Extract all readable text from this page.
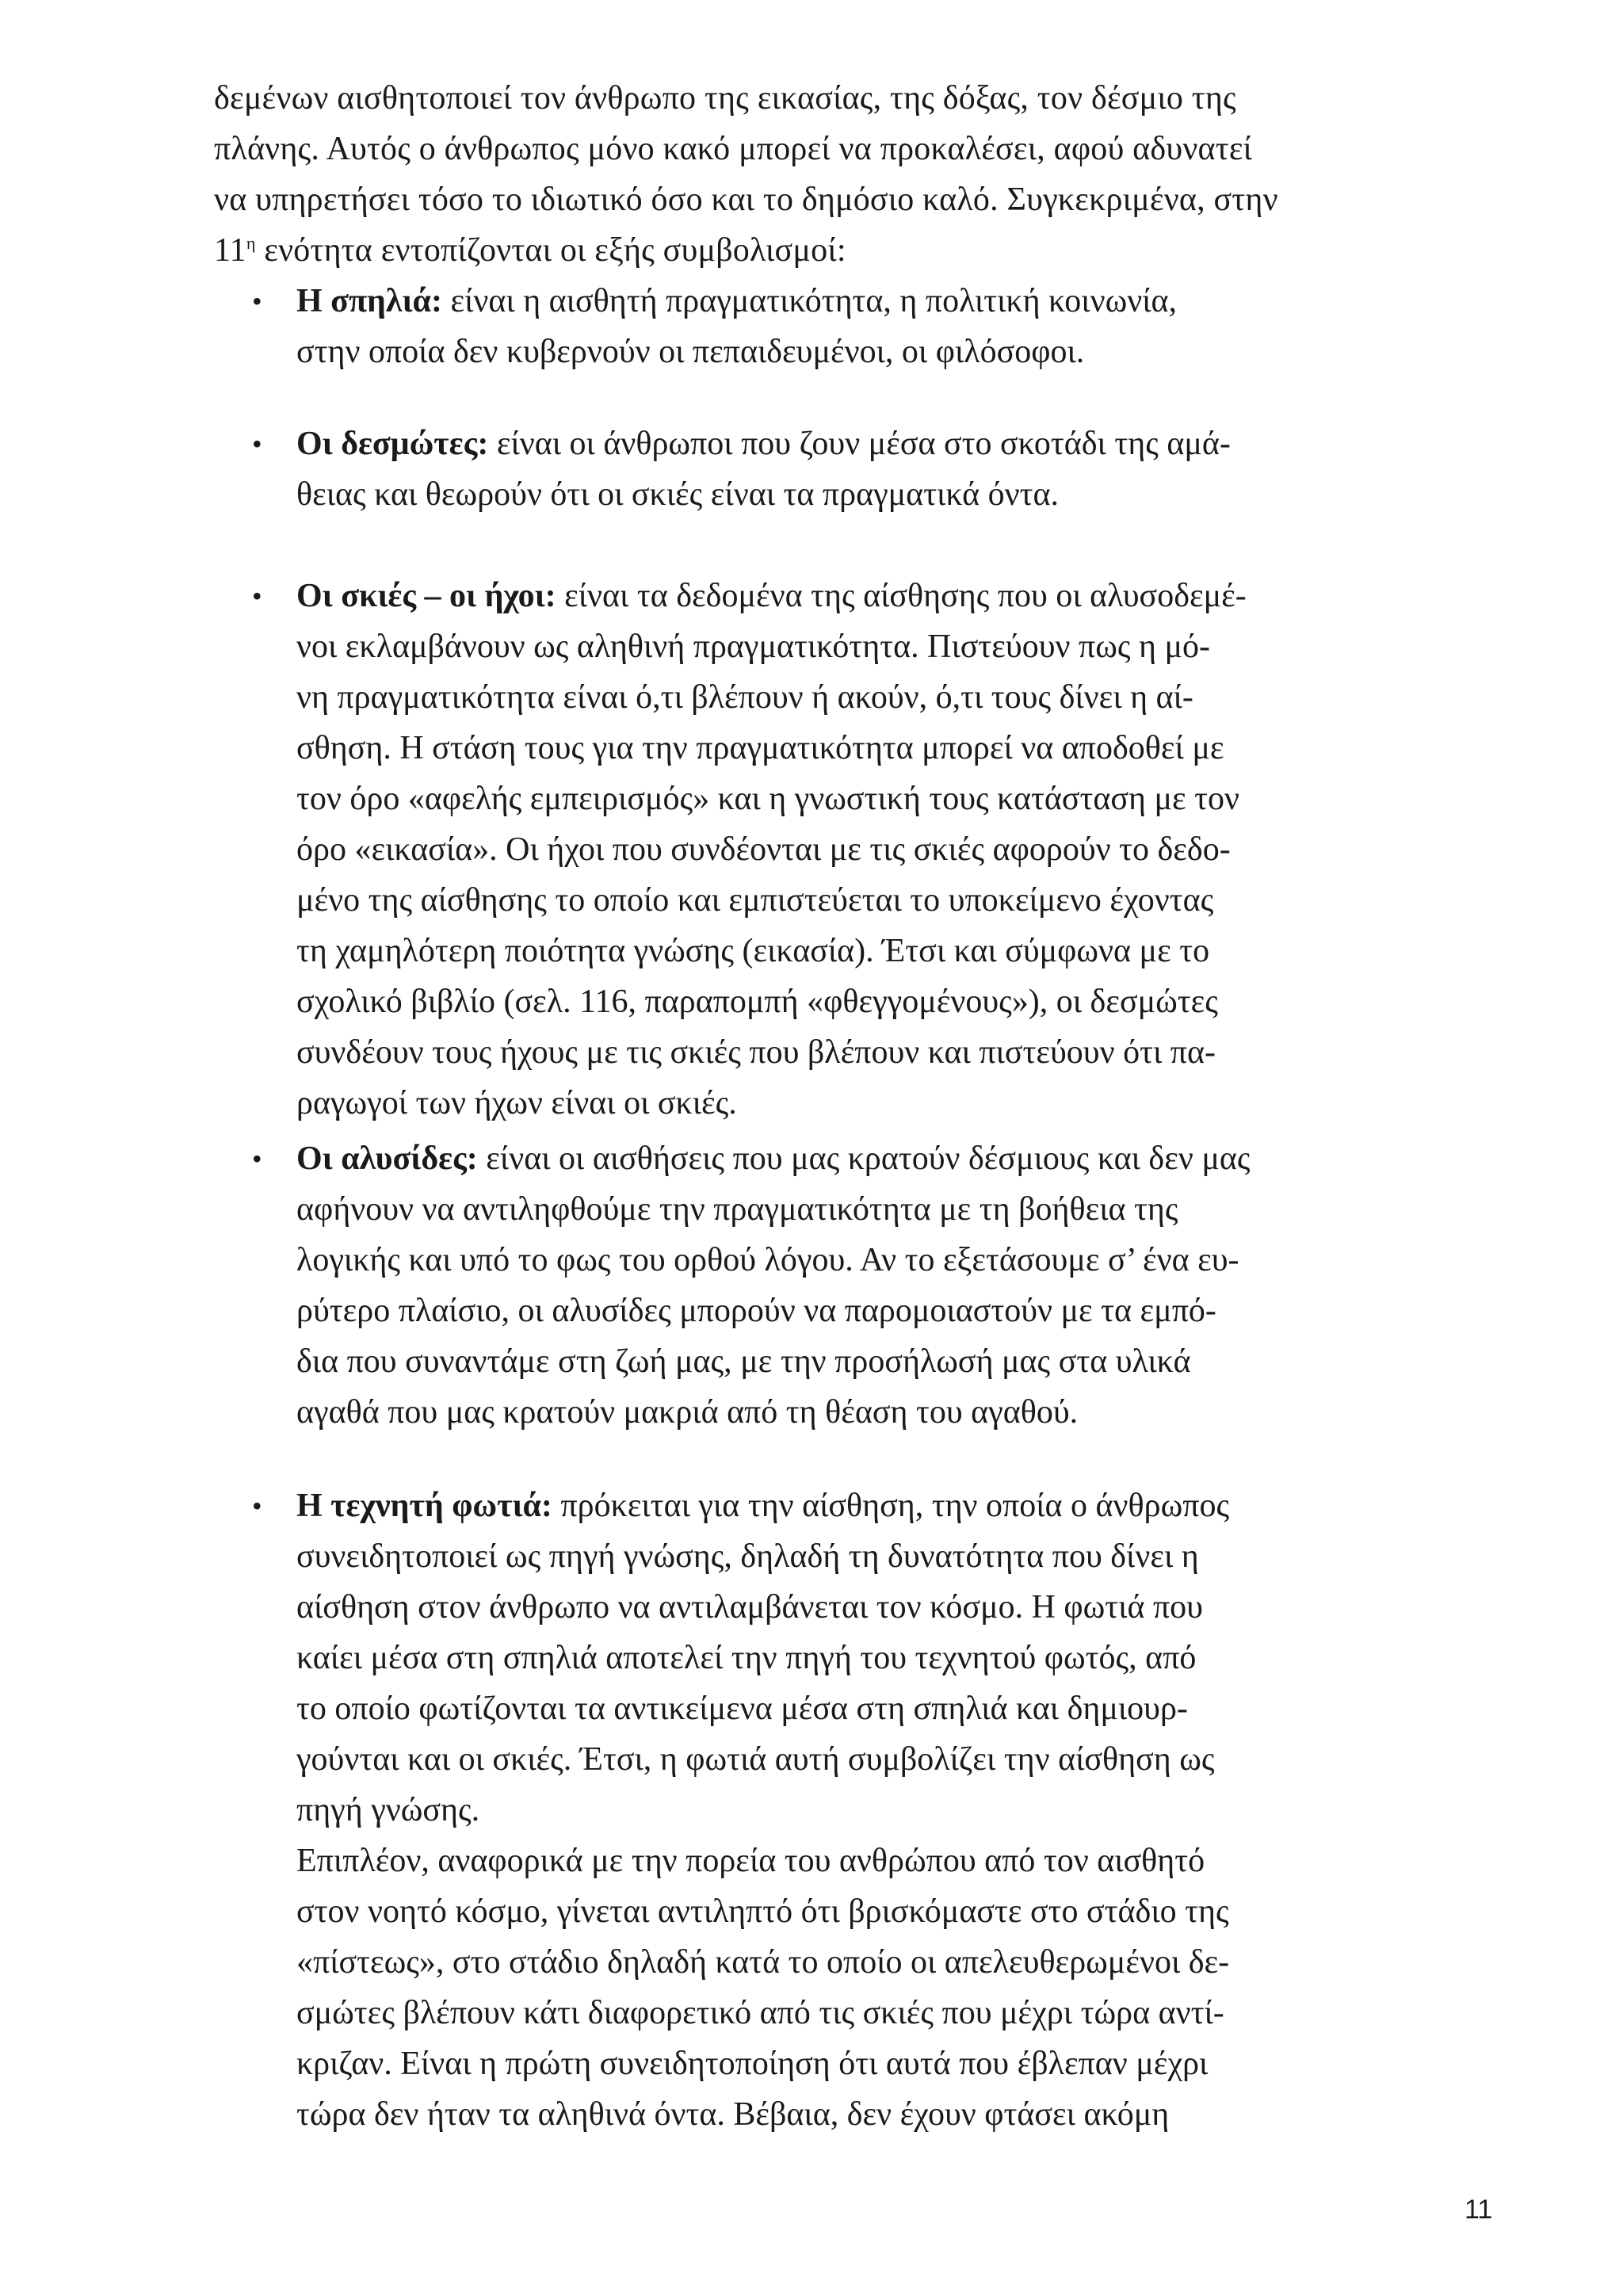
δεμένων αισθητοποιεί τον άνθρωπο της εικασίας, της δόξας, τον δέσμιο της
πλάνης. Αυτός ο άνθρωπος μόνο κακό μπορεί να προκαλέσει, αφού αδυνατεί
να υπηρετήσει τόσο το ιδιωτικό όσο και το δημόσιο καλό. Συγκεκριμένα, στην
$11^\eta$ ενότητα εντοπίζονται οι εξής συμβολισμοί:
• Η σπηλιά: είναι η αισθητή πραγματικότητα, η πολιτική κοινωνία,
στην οποία δεν κυβερνούν οι πεπαιδευμένοι, οι φιλόσοφοι.
• Οι δεσμώτες: είναι οι άνθρωποι που ζουν μέσα στο σκοτάδι της αμά-
θειας και θεωρούν ότι οι σκιές είναι τα πραγματικά όντα.
• Οι σκιές – οι ήχοι: είναι τα δεδομένα της αίσθησης που οι αλυσοδεμέ-
νοι εκλαμβάνουν ως αληθινή πραγματικότητα. Πιστεύουν πως η μό-
νη πραγματικότητα είναι ό,τι βλέπουν ή ακούν, ό,τι τους δίνει η αί-
σθηση. Η στάση τους για την πραγματικότητα μπορεί να αποδοθεί με
τον όρο «αφελής εμπειρισμός» και η γνωστική τους κατάσταση με τον
όρο «εικασία». Οι ήχοι που συνδέονται με τις σκιές αφορούν το δεδο-
μένο της αίσθησης το οποίο και εμπιστεύεται το υποκείμενο έχοντας
τη χαμηλότερη ποιότητα γνώσης (εικασία). Έτσι και σύμφωνα με το
σχολικό βιβλίο (σελ. 116, παραπομπή «φθεγγομένους»), οι δεσμώτες
συνδέουν τους ήχους με τις σκιές που βλέπουν και πιστεύουν ότι πα-
ραγωγοί των ήχων είναι οι σκιές.
• Οι αλυσίδες: είναι οι αισθήσεις που μας κρατούν δέσμιους και δεν μας
αφήνουν να αντιληφθούμε την πραγματικότητα με τη βοήθεια της
λογικής και υπό το φως του ορθού λόγου. Αν το εξετάσουμε σ’ ένα ευ-
ρύτερο πλαίσιο, οι αλυσίδες μπορούν να παρομοιαστούν με τα εμπό-
δια που συναντάμε στη ζωή μας, με την προσήλωσή μας στα υλικά
αγαθά που μας κρατούν μακριά από τη θέαση του αγαθού.
• Η τεχνητή φωτιά: πρόκειται για την αίσθηση, την οποία ο άνθρωπος
συνειδητοποιεί ως πηγή γνώσης, δηλαδή τη δυνατότητα που δίνει η
αίσθηση στον άνθρωπο να αντιλαμβάνεται τον κόσμο. Η φωτιά που
καίει μέσα στη σπηλιά αποτελεί την πηγή του τεχνητού φωτός, από
το οποίο φωτίζονται τα αντικείμενα μέσα στη σπηλιά και δημιουρ-
γούνται και οι σκιές. Έτσι, η φωτιά αυτή συμβολίζει την αίσθηση ως
πηγή γνώσης.
Επιπλέον, αναφορικά με την πορεία του ανθρώπου από τον αισθητό
στον νοητό κόσμο, γίνεται αντιληπτό ότι βρισκόμαστε στο στάδιο της
«πίστεως», στο στάδιο δηλαδή κατά το οποίο οι απελευθερωμένοι δε-
σμώτες βλέπουν κάτι διαφορετικό από τις σκιές που μέχρι τώρα αντί-
κριζαν. Είναι η πρώτη συνειδητοποίηση ότι αυτά που έβλεπαν μέχρι
τώρα δεν ήταν τα αληθινά όντα. Βέβαια, δεν έχουν φτάσει ακόμη
11
